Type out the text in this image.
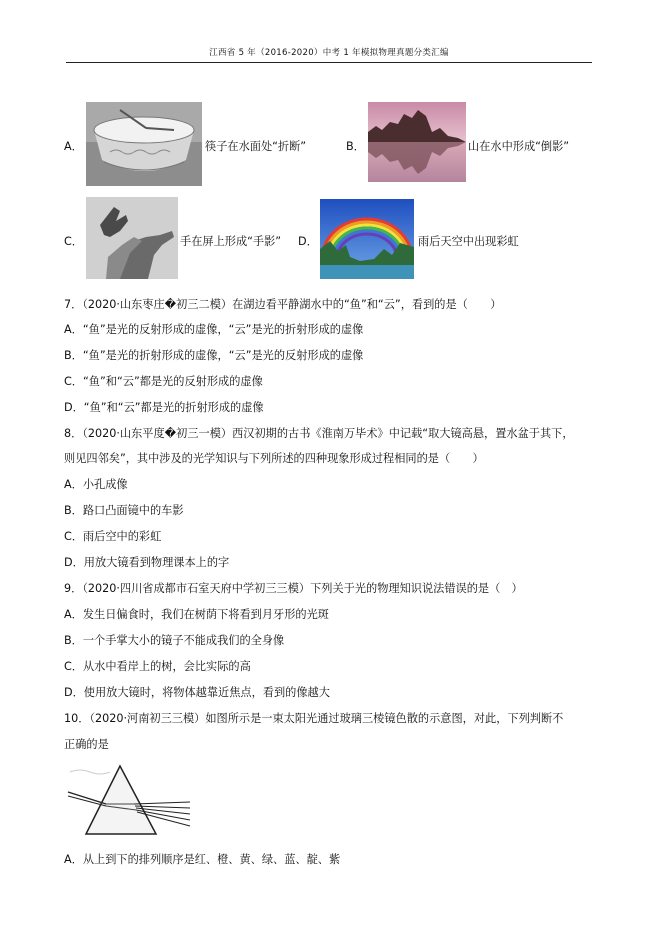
江西省 5 年（2016-2020）中考 1 年模拟物理真题分类汇编
A．	筷子在水面处“折断”	B．	山在水中形成“倒影”
C．	手在屏上形成“手影” D．	雨后天空中出现彩虹
7．（2020·山东枣庄�初三二模）在湖边看平静湖水中的“鱼”和“云”，看到的是（　　）
A．“鱼”是光的反射形成的虚像，“云”是光的折射形成的虚像
B．“鱼”是光的折射形成的虚像，“云”是光的反射形成的虚像
C．“鱼”和“云”都是光的反射形成的虚像
D．“鱼”和“云”都是光的折射形成的虚像
8．（2020·山东平度�初三一模）西汉初期的古书《淮南万毕术》中记载“取大镜高悬，置水盆于其下，
则见四邻矣”，其中涉及的光学知识与下列所述的四种现象形成过程相同的是（　　）
A．小孔成像
B．路口凸面镜中的车影
C．雨后空中的彩虹
D．用放大镜看到物理课本上的字
9．（2020·四川省成都市石室天府中学初三三模）下列关于光的物理知识说法错误的是（　）
A．发生日偏食时，我们在树荫下将看到月牙形的光斑
B．一个手掌大小的镜子不能成我们的全身像
C．从水中看岸上的树，会比实际的高
D．使用放大镜时，将物体越靠近焦点，看到的像越大
10．（2020·河南初三三模）如图所示是一束太阳光通过玻璃三棱镜色散的示意图，对此，下列判断不
正确的是
A．从上到下的排列顺序是红、橙、黄、绿、蓝、靛、紫
